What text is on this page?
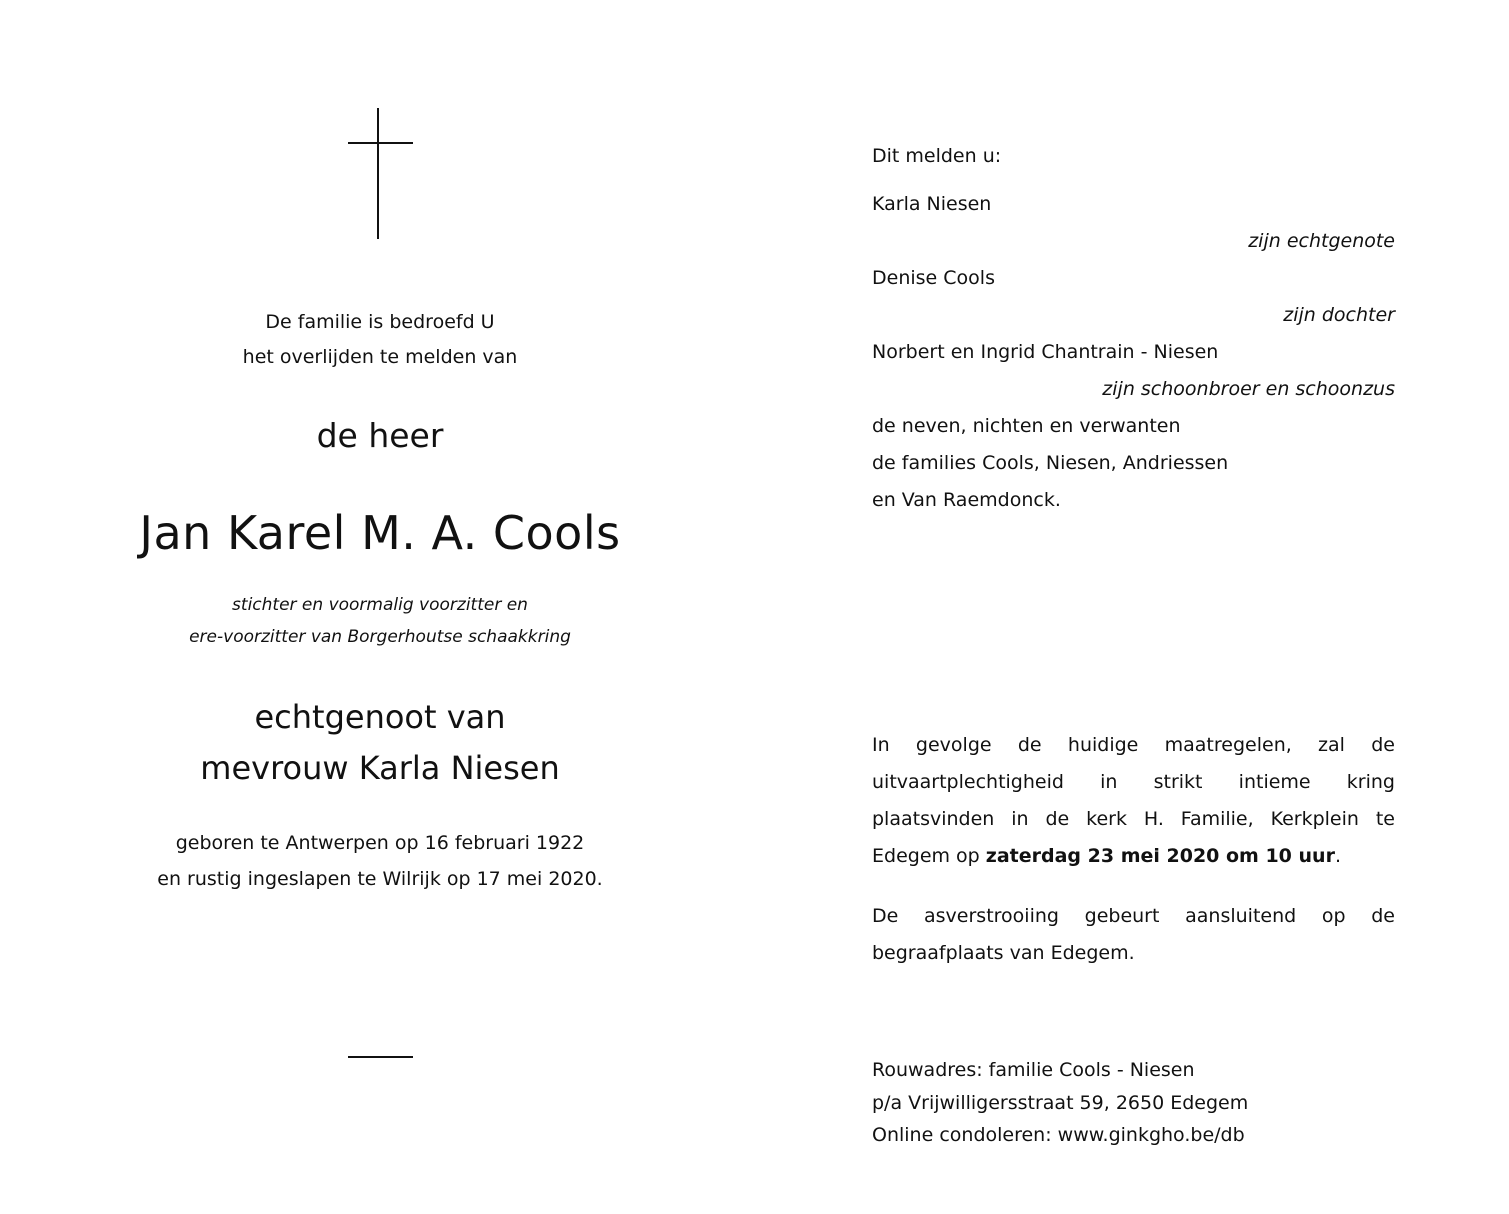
De familie is bedroefd U
het overlijden te melden van
de heer
Jan Karel M. A. Cools
stichter en voormalig voorzitter en
ere-voorzitter van Borgerhoutse schaakkring
echtgenoot van
mevrouw Karla Niesen
geboren te Antwerpen op 16 februari 1922
en rustig ingeslapen te Wilrijk op 17 mei 2020.
Dit melden u:
Karla Niesen
zijn echtgenote
Denise Cools
zijn dochter
Norbert en Ingrid Chantrain - Niesen
zijn schoonbroer en schoonzus
de neven, nichten en verwanten
de families Cools, Niesen, Andriessen
en Van Raemdonck.
In gevolge de huidige maatregelen, zal de uitvaartplechtigheid in strikt intieme kring plaatsvinden in de kerk H. Familie, Kerkplein te Edegem op zaterdag 23 mei 2020 om 10 uur.
De asverstrooiing gebeurt aansluitend op de begraafplaats van Edegem.
Rouwadres: familie Cools - Niesen
p/a Vrijwilligersstraat 59, 2650 Edegem
Online condoleren: www.ginkgho.be/db
